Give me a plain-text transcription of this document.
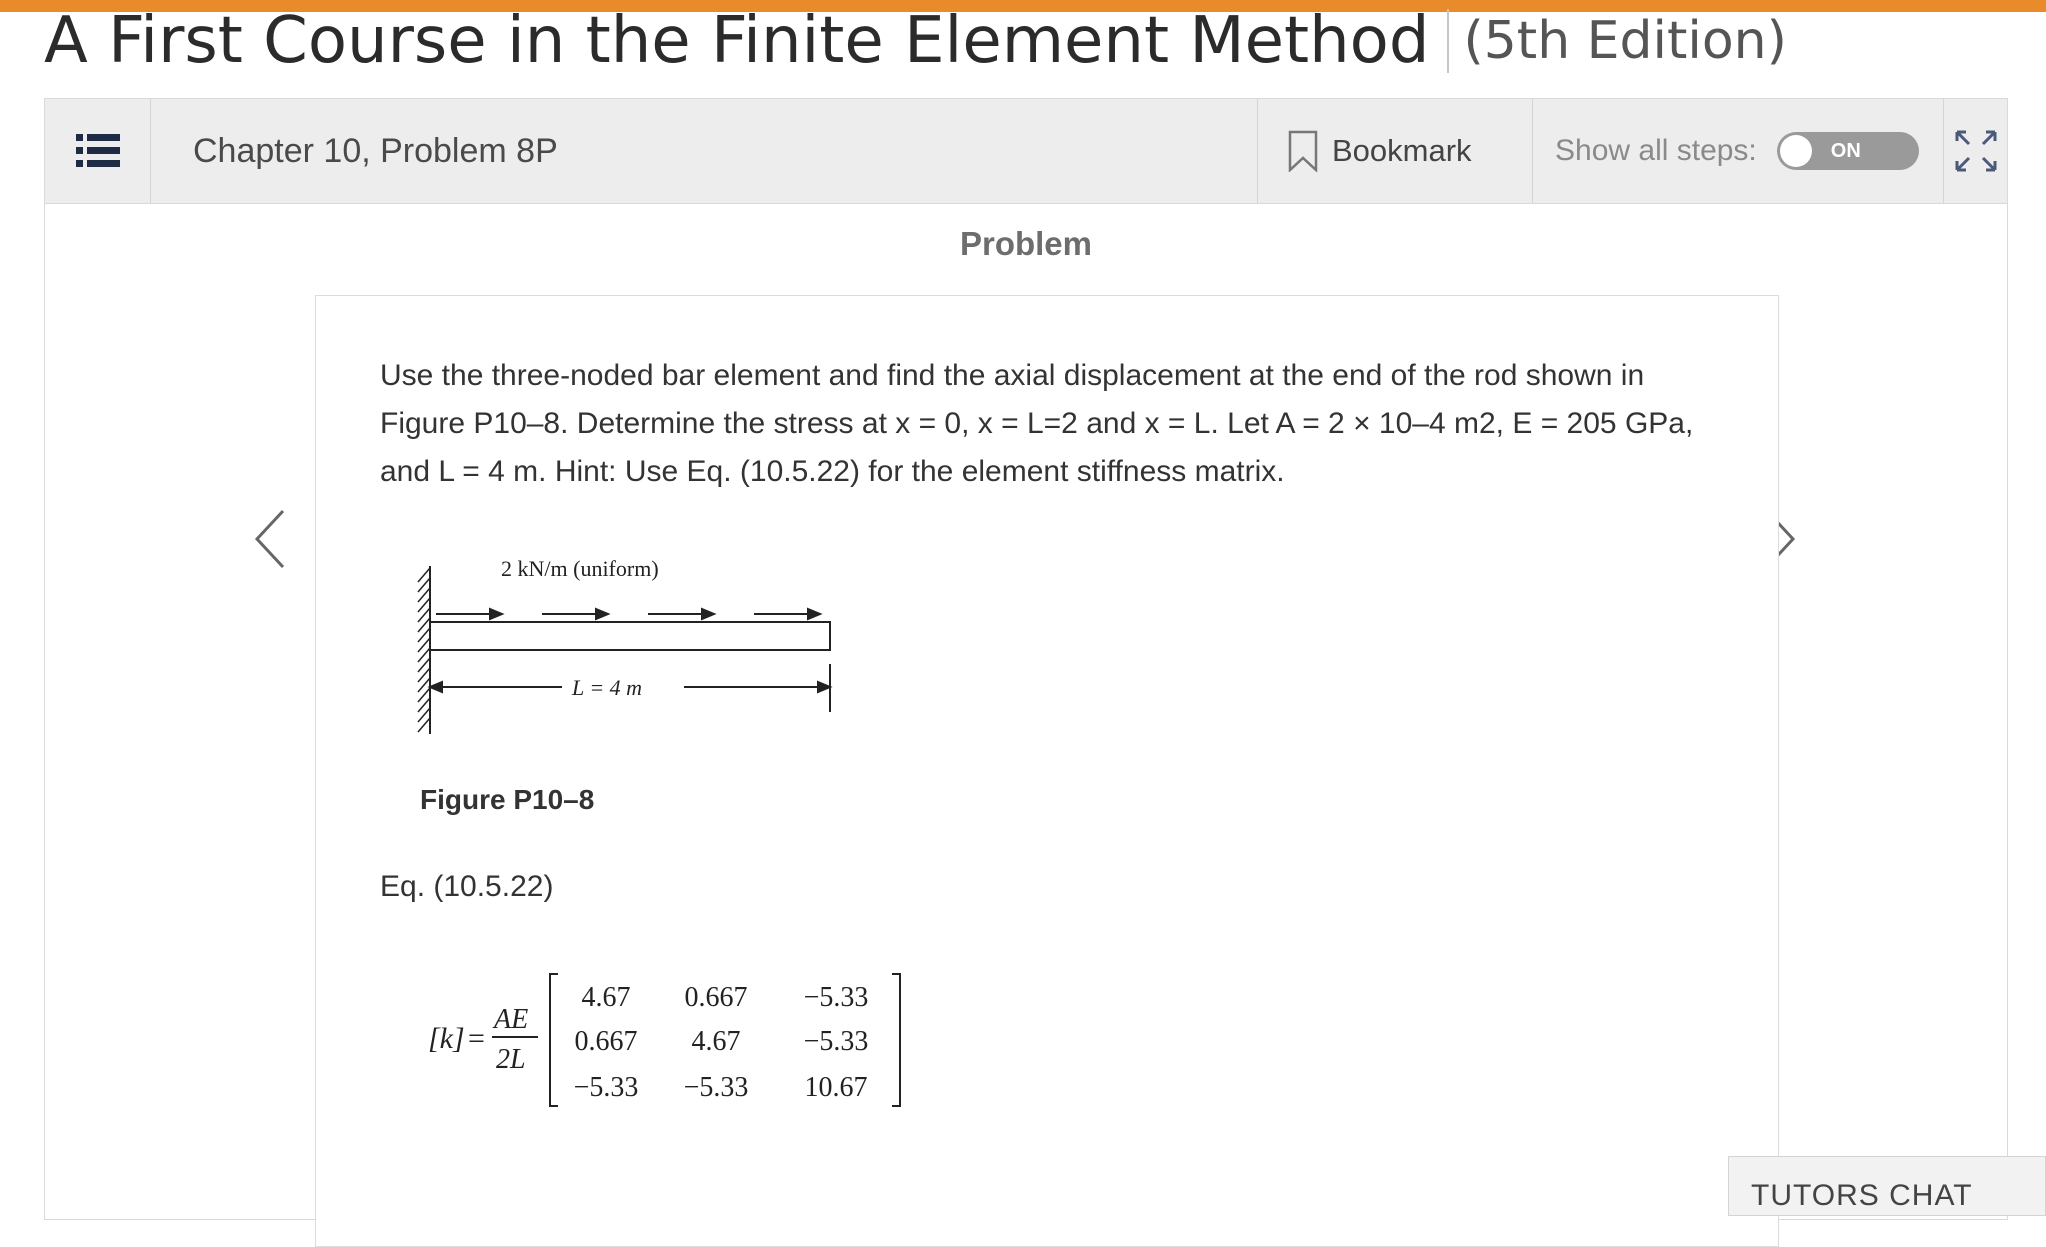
A First Course in the Finite Element Method (5th Edition)
Chapter 10, Problem 8P	Bookmark	Show all steps:	ON
Problem
Use the three-noded bar element and find the axial displacement at the end of the rod shown in Figure P10–8. Determine the stress at x = 0, x = L=2 and x = L. Let A = 2 × 10–4 m2, E = 205 GPa, and L = 4 m. Hint: Use Eq. (10.5.22) for the element stiffness matrix.
2 kN/m (uniform)
L = 4 m
Figure P10–8
Eq. (10.5.22)
[k] =
AE
2L
4.67 0.667 −5.33
0.667 4.67 −5.33
−5.33 −5.33 10.67
TUTORS CHAT
